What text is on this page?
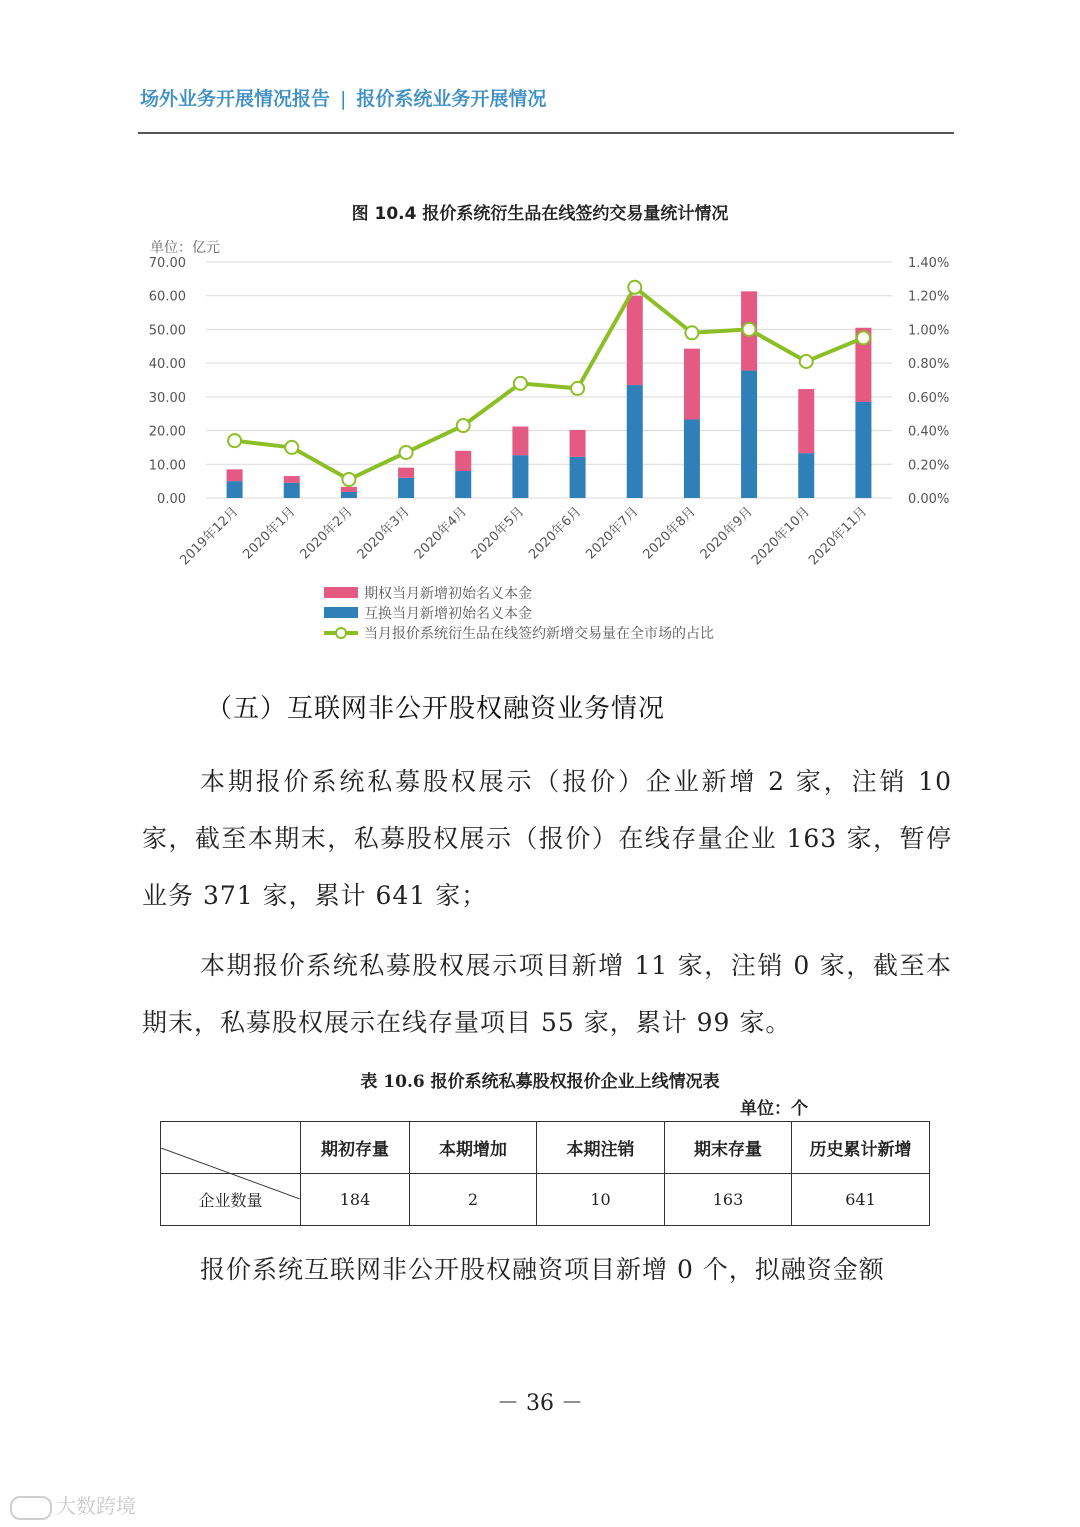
场外业务开展情况报告 | 报价系统业务开展情况
图 10.4 报价系统衍生品在线签约交易量统计情况
单位：亿元
0.00
10.00
20.00
30.00
40.00
50.00
60.00
70.00
0.00%
0.20%
0.40%
0.60%
0.80%
1.00%
1.20%
1.40%
2019年12月
2020年1月
2020年2月
2020年3月
2020年4月
2020年5月
2020年6月
2020年7月
2020年8月
2020年9月
2020年10月
2020年11月
期权当月新增初始名义本金
互换当月新增初始名义本金
当月报价系统衍生品在线签约新增交易量在全市场的占比
（五）互联网非公开股权融资业务情况

本期报价系统私募股权展示（报价）企业新增 2 家，注销 10 家，截至本期末，私募股权展示（报价）在线存量企业 163 家，暂停业务 371 家，累计 641 家；

本期报价系统私募股权展示项目新增 11 家，注销 0 家，截至本期末，私募股权展示在线存量项目 55 家，累计 99 家。

表 10.6 报价系统私募股权报价企业上线情况表
单位：个
	期初存量	本期增加	本期注销	期末存量	历史累计新增
企业数量	184	2	10	163	641

报价系统互联网非公开股权融资项目新增 0 个，拟融资金额

－ 36 －
大数跨境
